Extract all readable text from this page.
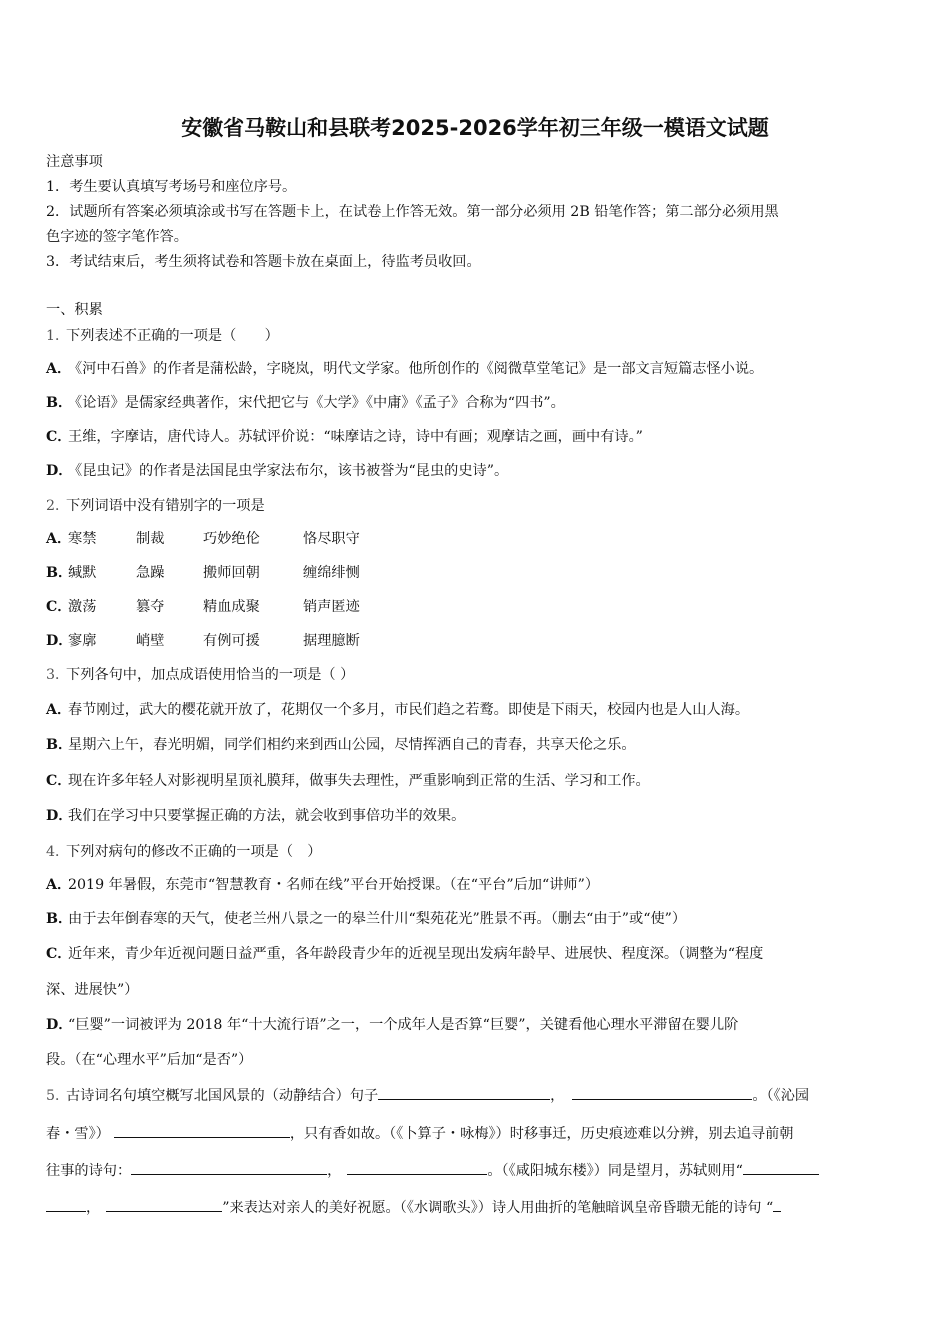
安徽省马鞍山和县联考2025-2026学年初三年级一模语文试题
注意事项
1．考生要认真填写考场号和座位序号。
2．试题所有答案必须填涂或书写在答题卡上，在试卷上作答无效。第一部分必须用 2B 铅笔作答；第二部分必须用黑
色字迹的签字笔作答。
3．考试结束后，考生须将试卷和答题卡放在桌面上，待监考员收回。
一、积累
1．下列表述不正确的一项是（　　）
A．《河中石兽》的作者是蒲松龄，字晓岚，明代文学家。他所创作的《阅微草堂笔记》是一部文言短篇志怪小说。
B．《论语》是儒家经典著作，宋代把它与《大学》《中庸》《孟子》合称为“四书”。
C．王维，字摩诘，唐代诗人。苏轼评价说：“味摩诘之诗，诗中有画；观摩诘之画，画中有诗。”
D．《昆虫记》的作者是法国昆虫学家法布尔，该书被誉为“昆虫的史诗”。
2．下列词语中没有错别字的一项是
A．寒禁	制裁	巧妙绝伦	恪尽职守
B．缄默	急躁	搬师回朝	缠绵绯恻
C．激荡	篡夺	精血成聚	销声匿迹
D．寥廓	峭壁	有例可援	据理臆断
3．下列各句中，加点成语使用恰当的一项是（ ）
A．春节刚过，武大的樱花就开放了，花期仅一个多月，市民们趋之若鹜。即使是下雨天，校园内也是人山人海。
B．星期六上午，春光明媚，同学们相约来到西山公园，尽情挥洒自己的青春，共享天伦之乐。
C．现在许多年轻人对影视明星顶礼膜拜，做事失去理性，严重影响到正常的生活、学习和工作。
D．我们在学习中只要掌握正确的方法，就会收到事倍功半的效果。
4．下列对病句的修改不正确的一项是（　）
A．2019 年暑假，东莞市“智慧教育・名师在线”平台开始授课。（在“平台”后加“讲师”）
B．由于去年倒春寒的天气，使老兰州八景之一的皋兰什川“梨苑花光”胜景不再。（删去“由于”或“使”）
C．近年来，青少年近视问题日益严重，各年龄段青少年的近视呈现出发病年龄早、进展快、程度深。（调整为“程度
深、进展快”）
D．“巨婴”一词被评为 2018 年“十大流行语”之一，一个成年人是否算“巨婴”，关键看他心理水平滞留在婴儿阶
段。（在“心理水平”后加“是否”）
5．古诗词名句填空概写北国风景的（动静结合）句子	，	。（《沁园
春・雪》）	，只有香如故。（《卜算子・咏梅》）时移事迁，历史痕迹难以分辨，别去追寻前朝
往事的诗句：	，	。（《咸阳城东楼》）同是望月，苏轼则用“
，	”来表达对亲人的美好祝愿。（《水调歌头》）诗人用曲折的笔触暗讽皇帝昏聩无能的诗句 “
